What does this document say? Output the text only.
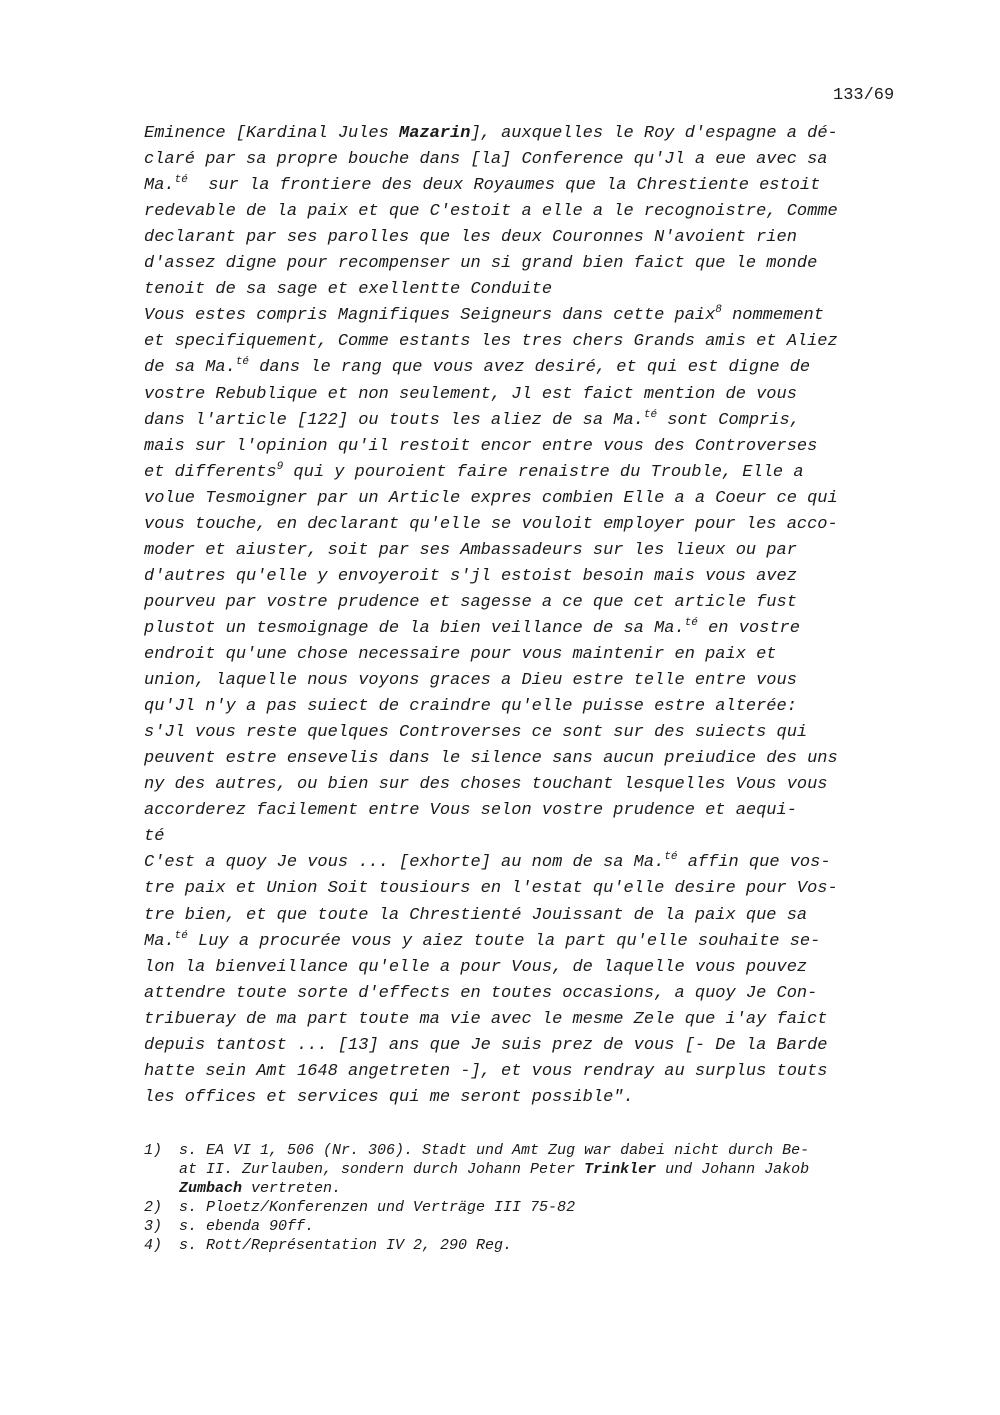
133/69
Eminence [Kardinal Jules Mazarin], auxquelles le Roy d'espagne a dé-
claré par sa propre bouche dans [la] Conference qu'Jl a eue avec sa
Ma.$^{té}$  sur la frontiere des deux Royaumes que la Chrestiente estoit
redevable de la paix et que C'estoit a elle a le recognoistre, Comme
declarant par ses parolles que les deux Couronnes N'avoient rien
d'assez digne pour recompenser un si grand bien faict que le monde
tenoit de sa sage et exellentte Conduite
Vous estes compris Magnifiques Seigneurs dans cette paix$^8$ nommement
et specifiquement, Comme estants les tres chers Grands amis et Aliez
de sa Ma.$^{té}$ dans le rang que vous avez desiré, et qui est digne de
vostre Rebublique et non seulement, Jl est faict mention de vous
dans l'article [122] ou touts les aliez de sa Ma.$^{té}$ sont Compris,
mais sur l'opinion qu'il restoit encor entre vous des Controverses
et differents$^9$ qui y pouroient faire renaistre du Trouble, Elle a
volue Tesmoigner par un Article expres combien Elle a a Coeur ce qui
vous touche, en declarant qu'elle se vouloit employer pour les acco-
moder et aiuster, soit par ses Ambassadeurs sur les lieux ou par
d'autres qu'elle y envoyeroit s'jl estoist besoin mais vous avez
pourveu par vostre prudence et sagesse a ce que cet article fust
plustot un tesmoignage de la bien veillance de sa Ma.$^{té}$ en vostre
endroit qu'une chose necessaire pour vous maintenir en paix et
union, laquelle nous voyons graces a Dieu estre telle entre vous
qu'Jl n'y a pas suiect de craindre qu'elle puisse estre alterée:
s'Jl vous reste quelques Controverses ce sont sur des suiects qui
peuvent estre ensevelis dans le silence sans aucun preiudice des uns
ny des autres, ou bien sur des choses touchant lesquelles Vous vous
accorderez facilement entre Vous selon vostre prudence et aequi-
té
C'est a quoy Je vous ... [exhorte] au nom de sa Ma.$^{té}$ affin que vos-
tre paix et Union Soit tousiours en l'estat qu'elle desire pour Vos-
tre bien, et que toute la Chrestienté Jouissant de la paix que sa
Ma.$^{té}$ Luy a procurée vous y aiez toute la part qu'elle souhaite se-
lon la bienveillance qu'elle a pour Vous, de laquelle vous pouvez
attendre toute sorte d'effects en toutes occasions, a quoy Je Con-
tribueray de ma part toute ma vie avec le mesme Zele que i'ay faict
depuis tantost ... [13] ans que Je suis prez de vous [- De la Barde
hatte sein Amt 1648 angetreten -], et vous rendray au surplus touts
les offices et services qui me seront possible".
1) s. EA VI 1, 506 (Nr. 306). Stadt und Amt Zug war dabei nicht durch Be-
at II. Zurlauben, sondern durch Johann Peter Trinkler und Johann Jakob
Zumbach vertreten.
2) s. Ploetz/Konferenzen und Verträge III 75-82
3) s. ebenda 90ff.
4) s. Rott/Représentation IV 2, 290 Reg.
